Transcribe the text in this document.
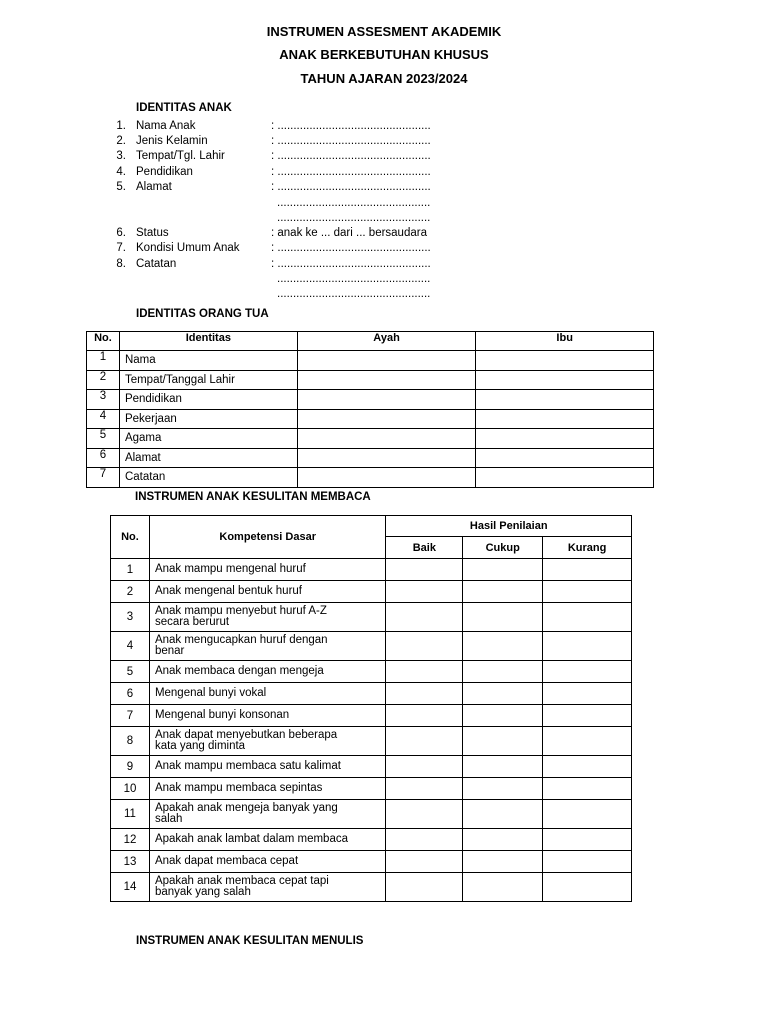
INSTRUMEN ASSESMENT AKADEMIK
ANAK BERKEBUTUHAN KHUSUS
TAHUN AJARAN 2023/2024
IDENTITAS ANAK
1. Nama Anak	: ................................................
2. Jenis Kelamin	: ................................................
3. Tempat/Tgl. Lahir	: ................................................
4. Pendidikan	: ................................................
5. Alamat	: ................................................
6. Status	: anak ke ... dari ... bersaudara
7. Kondisi Umum Anak	: ................................................
8. Catatan	: ................................................
................................................
................................................
................................................
................................................
IDENTITAS ORANG TUA
No.	Identitas	Ayah	Ibu
1	Nama		
2	Tempat/Tanggal Lahir		
3	Pendidikan		
4	Pekerjaan		
5	Agama		
6	Alamat		
7	Catatan		
INSTRUMEN ANAK KESULITAN MEMBACA
No.	Kompetensi Dasar	Hasil Penilaian		
		Baik	Cukup	Kurang
1	Anak mampu mengenal huruf			
2	Anak mengenal bentuk huruf			
3	Anak mampu menyebut huruf A-Z
secara berurut			
4	Anak mengucapkan huruf dengan
benar			
5	Anak membaca dengan mengeja			
6	Mengenal bunyi vokal			
7	Mengenal bunyi konsonan			
8	Anak dapat menyebutkan beberapa
kata yang diminta			
9	Anak mampu membaca satu kalimat			
10	Anak mampu membaca sepintas			
11	Apakah anak mengeja banyak yang
salah			
12	Apakah anak lambat dalam membaca			
13	Anak dapat membaca cepat			
14	Apakah anak membaca cepat tapi
banyak yang salah			
INSTRUMEN ANAK KESULITAN MENULIS
